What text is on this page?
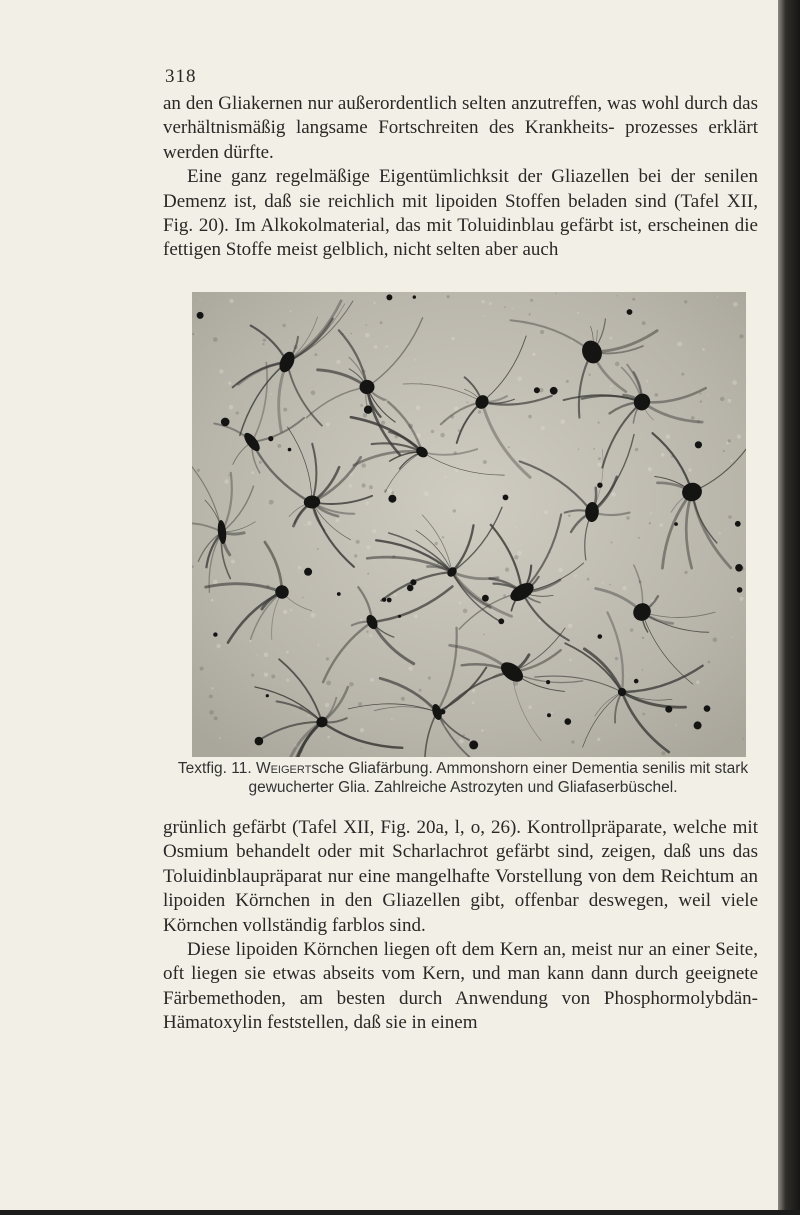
318

an den Gliakernen nur außerordentlich selten anzutreffen, was wohl durch das verhältnismäßig langsame Fortschreiten des Krankheits- prozesses erklärt werden dürfte.

Eine ganz regelmäßige Eigentümlichksit der Gliazellen bei der senilen Demenz ist, daß sie reichlich mit lipoiden Stoffen beladen sind (Tafel XII, Fig. 20). Im Alkokolmaterial, das mit Toluidinblau gefärbt ist, erscheinen die fettigen Stoffe meist gelblich, nicht selten aber auch

Textfig. 11. Weigertsche Gliafärbung. Ammonshorn einer Dementia senilis mit stark gewucherter Glia. Zahlreiche Astrozyten und Gliafaserbüschel.

grünlich gefärbt (Tafel XII, Fig. 20a, l, o, 26). Kontrollpräparate, welche mit Osmium behandelt oder mit Scharlachrot gefärbt sind, zeigen, daß uns das Toluidinblaupräparat nur eine mangelhafte Vorstellung von dem Reichtum an lipoiden Körnchen in den Gliazellen gibt, offenbar deswegen, weil viele Körnchen vollständig farblos sind.

Diese lipoiden Körnchen liegen oft dem Kern an, meist nur an einer Seite, oft liegen sie etwas abseits vom Kern, und man kann dann durch geeignete Färbemethoden, am besten durch Anwendung von Phosphormolybdän-Hämatoxylin feststellen, daß sie in einem
